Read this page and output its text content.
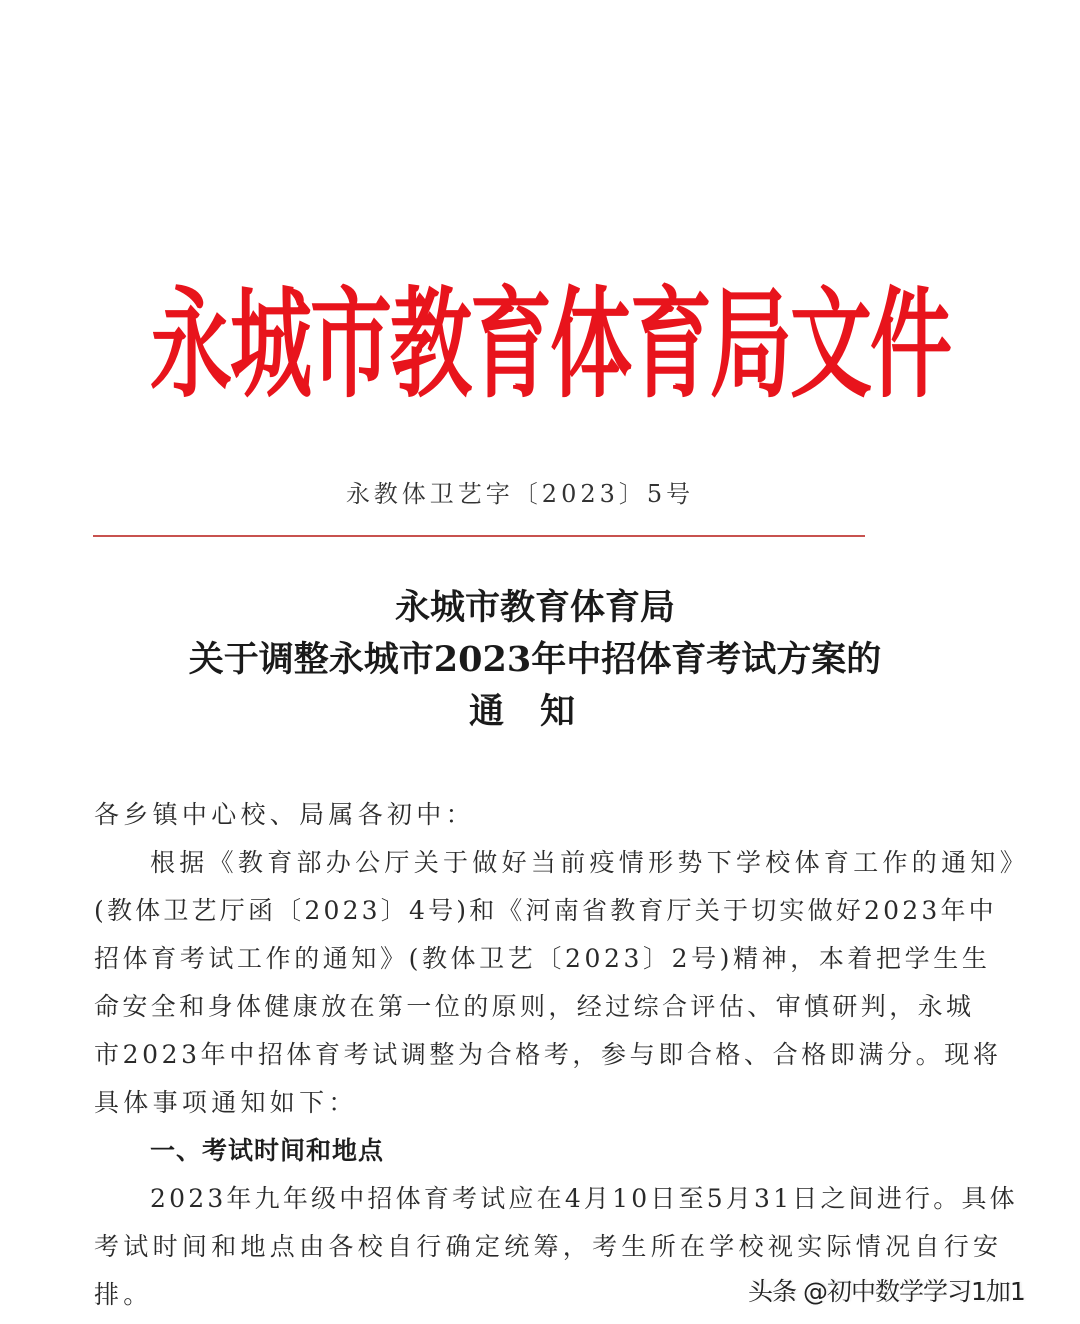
永城市教育体育局文件
永教体卫艺字〔2023〕5号
永城市教育体育局
关于调整永城市2023年中招体育考试方案的
通知
各乡镇中心校、局属各初中：
根据《教育部办公厅关于做好当前疫情形势下学校体育工作的通知》
(教体卫艺厅函〔2023〕4号)和《河南省教育厅关于切实做好2023年中
招体育考试工作的通知》(教体卫艺〔2023〕2号)精神，本着把学生生
命安全和身体健康放在第一位的原则，经过综合评估、审慎研判，永城
市2023年中招体育考试调整为合格考，参与即合格、合格即满分。现将
具体事项通知如下：
一、考试时间和地点
2023年九年级中招体育考试应在4月10日至5月31日之间进行。具体
考试时间和地点由各校自行确定统筹，考生所在学校视实际情况自行安
排。	头条 @初中数学学习1加1
